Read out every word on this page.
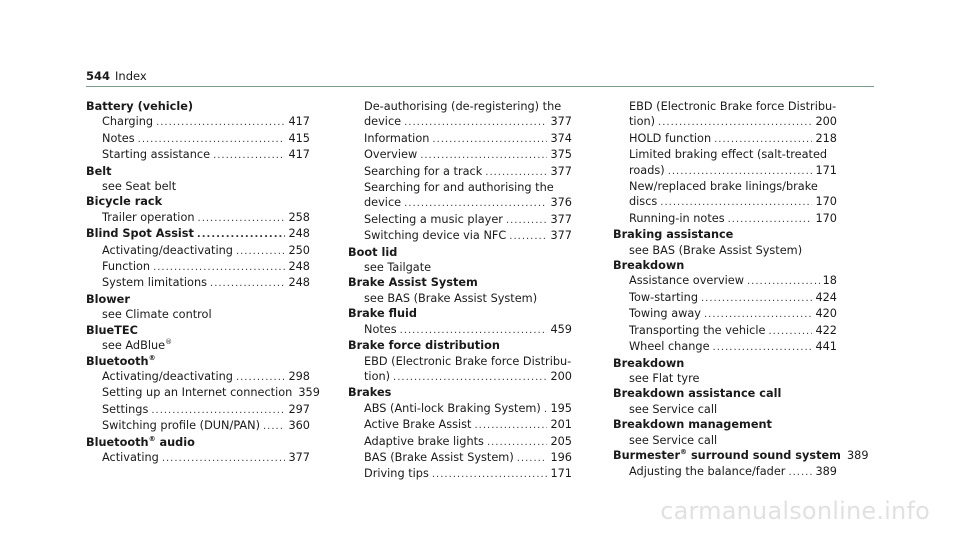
544 Index
Battery (vehicle)
Charging .....	417
Notes .....	415
Starting assistance .....	417
Belt
see Seat belt
Bicycle rack
Trailer operation .....	258
Blind Spot Assist .....	248
Activating/deactivating .....	250
Function .....	248
System limitations .....	248
Blower
see Climate control
BlueTEC
see AdBlue®
Bluetooth®
Activating/deactivating .....	298
Setting up an Internet connection 359
Settings .....	297
Switching profile (DUN/PAN) .....	360
Bluetooth® audio
Activating .....	377
De-authorising (de-registering) the
device .....	377
Information .....	374
Overview .....	375
Searching for a track .....	377
Searching for and authorising the
device .....	376
Selecting a music player .....	377
Switching device via NFC .....	377
Boot lid
see Tailgate
Brake Assist System
see BAS (Brake Assist System)
Brake fluid
Notes .....	459
Brake force distribution
EBD (Electronic Brake force Distribu-
tion) .....	200
Brakes
ABS (Anti-lock Braking System) ..... 195
Active Brake Assist .....	201
Adaptive brake lights .....	205
BAS (Brake Assist System) .....	196
Driving tips .....	171
EBD (Electronic Brake force Distribu-
tion) .....	200
HOLD function .....	218
Limited braking effect (salt-treated
roads) .....	171
New/replaced brake linings/brake
discs .....	170
Running-in notes .....	170
Braking assistance
see BAS (Brake Assist System)
Breakdown
Assistance overview .....	18
Tow-starting .....	424
Towing away .....	420
Transporting the vehicle .....	422
Wheel change .....	441
Breakdown
see Flat tyre
Breakdown assistance call
see Service call
Breakdown management
see Service call
Burmester® surround sound system 389
Adjusting the balance/fader .....	389
carmanualsonline.info
